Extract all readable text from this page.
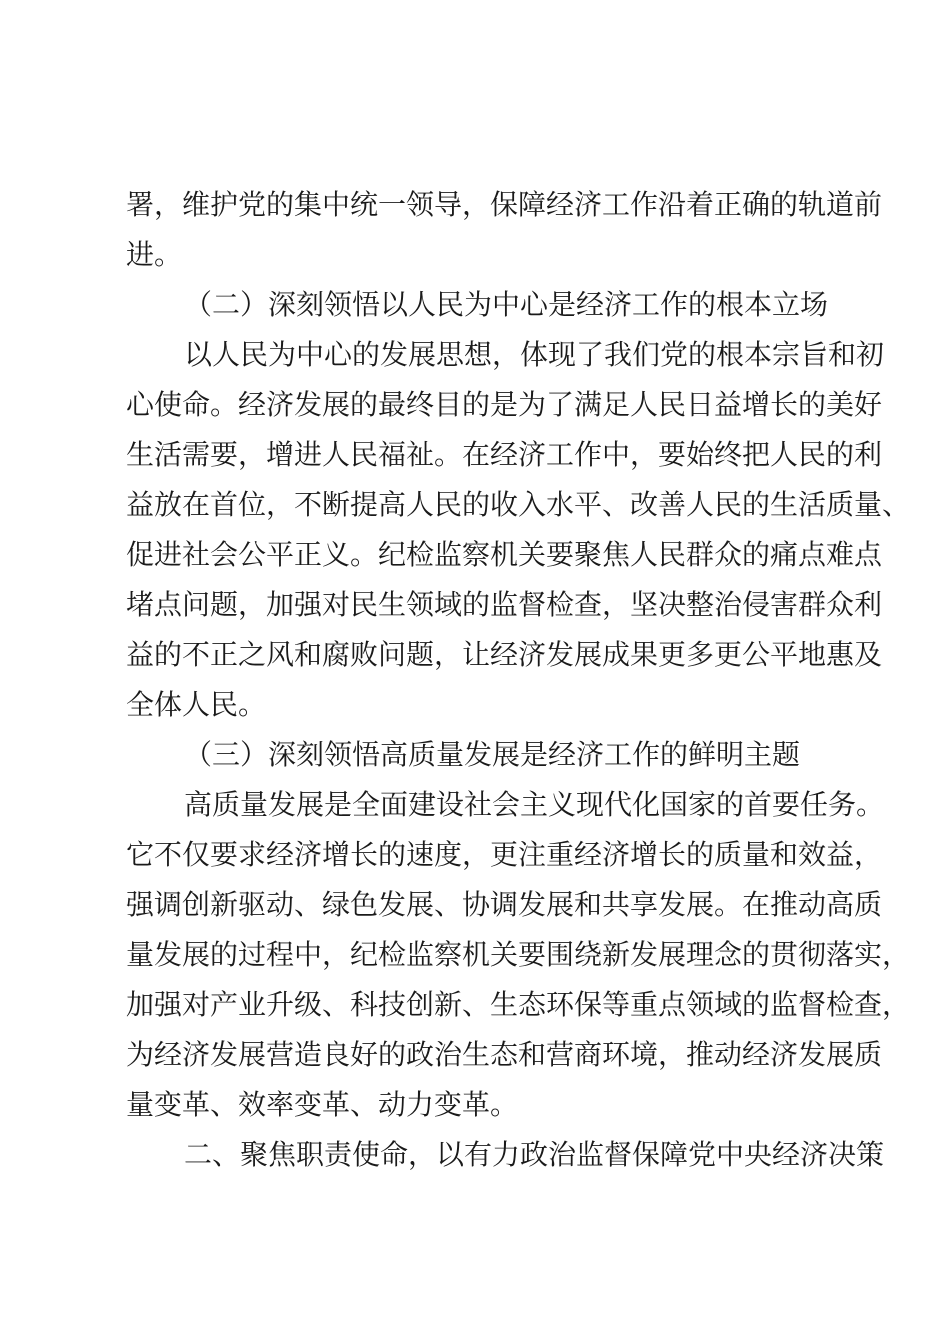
署，维护党的集中统一领导，保障经济工作沿着正确的轨道前
进。
（二）深刻领悟以人民为中心是经济工作的根本立场
以人民为中心的发展思想，体现了我们党的根本宗旨和初
心使命。经济发展的最终目的是为了满足人民日益增长的美好
生活需要，增进人民福祉。在经济工作中，要始终把人民的利
益放在首位，不断提高人民的收入水平、改善人民的生活质量、
促进社会公平正义。纪检监察机关要聚焦人民群众的痛点难点
堵点问题，加强对民生领域的监督检查，坚决整治侵害群众利
益的不正之风和腐败问题，让经济发展成果更多更公平地惠及
全体人民。
（三）深刻领悟高质量发展是经济工作的鲜明主题
高质量发展是全面建设社会主义现代化国家的首要任务。
它不仅要求经济增长的速度，更注重经济增长的质量和效益，
强调创新驱动、绿色发展、协调发展和共享发展。在推动高质
量发展的过程中，纪检监察机关要围绕新发展理念的贯彻落实，
加强对产业升级、科技创新、生态环保等重点领域的监督检查，
为经济发展营造良好的政治生态和营商环境，推动经济发展质
量变革、效率变革、动力变革。
二、聚焦职责使命，以有力政治监督保障党中央经济决策
